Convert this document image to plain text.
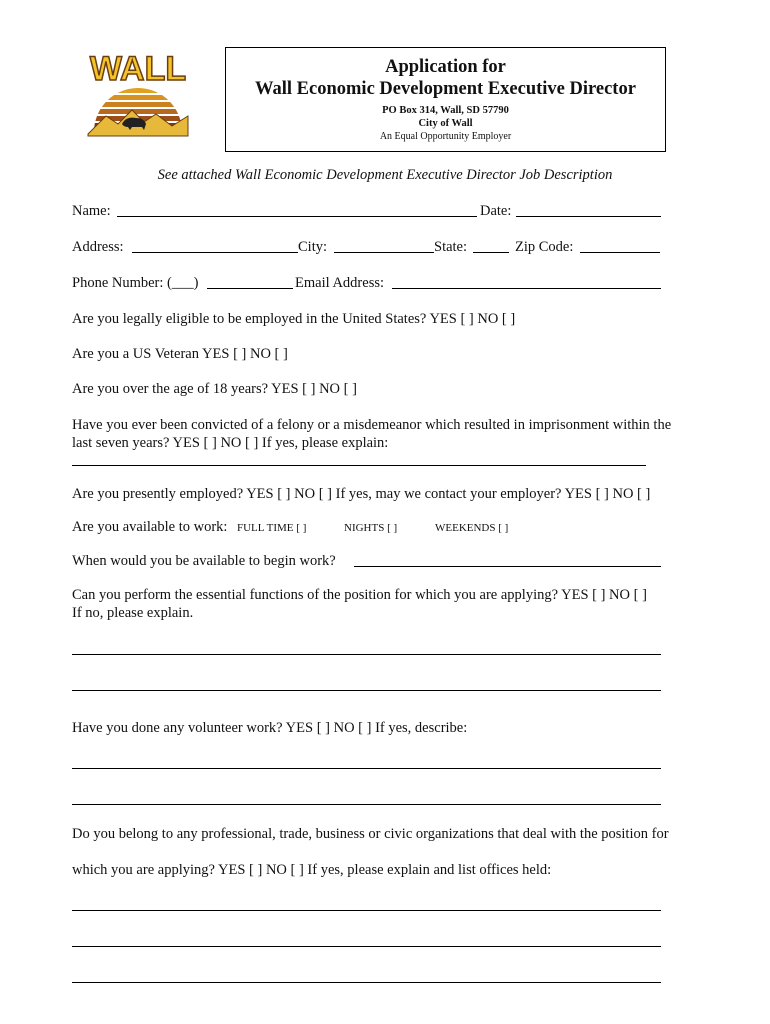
WALL	Application for
Wall Economic Development Executive Director
PO Box 314, Wall, SD 57790
City of Wall
An Equal Opportunity Employer
See attached Wall Economic Development Executive Director Job Description
Name:	Date:
Address:	City:	State:	Zip Code:
Phone Number: (___)	Email Address:
Are you legally eligible to be employed in the United States? YES [ ] NO [ ]
Are you a US Veteran YES [ ] NO [ ]
Are you over the age of 18 years? YES [ ] NO [ ]
Have you ever been convicted of a felony or a misdemeanor which resulted in imprisonment within the
last seven years? YES [ ] NO [ ] If yes, please explain:
Are you presently employed? YES [ ] NO [ ] If yes, may we contact your employer? YES [ ] NO [ ]
Are you available to work: FULL TIME [ ]	NIGHTS [ ]	WEEKENDS [ ]
When would you be available to begin work?
Can you perform the essential functions of the position for which you are applying? YES [ ] NO [ ]
If no, please explain.
Have you done any volunteer work? YES [ ] NO [ ] If yes, describe:
Do you belong to any professional, trade, business or civic organizations that deal with the position for
which you are applying? YES [ ] NO [ ] If yes, please explain and list offices held:
